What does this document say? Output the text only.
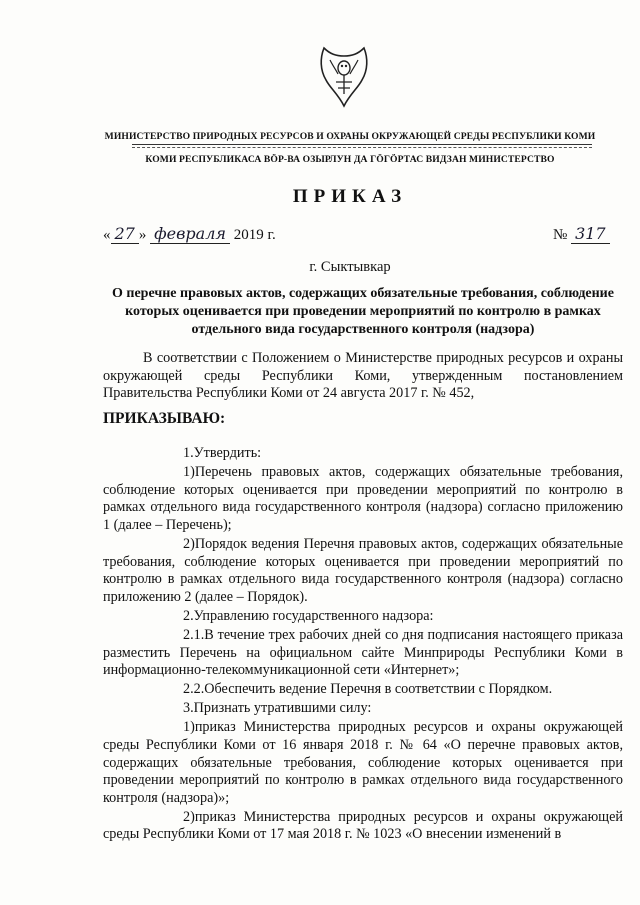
МИНИСТЕРСТВО ПРИРОДНЫХ РЕСУРСОВ И ОХРАНЫ ОКРУЖАЮЩЕЙ СРЕДЫ РЕСПУБЛИКИ КОМИ
КОМИ РЕСПУБЛИКАСА ВӦР-ВА ОЗЫРЛУН ДА ГӦГӦРТАС ВИДЗАН МИНИСТЕРСТВО
ПРИКАЗ
« 27 » февраля 2019 г.	№ 317
г. Сыктывкар
О перечне правовых актов, содержащих обязательные требования, соблюдение которых оценивается при проведении мероприятий по контролю в рамках отдельного вида государственного контроля (надзора)

В соответствии с Положением о Министерстве природных ресурсов и охраны окружающей среды Республики Коми, утвержденным постановлением Правительства Республики Коми от 24 августа 2017 г. № 452,

ПРИКАЗЫВАЮ:

1.Утвердить:

1)Перечень правовых актов, содержащих обязательные требования, соблюдение которых оценивается при проведении мероприятий по контролю в рамках отдельного вида государственного контроля (надзора) согласно приложению 1 (далее – Перечень);

2)Порядок ведения Перечня правовых актов, содержащих обязательные требования, соблюдение которых оценивается при проведении мероприятий по контролю в рамках отдельного вида государственного контроля (надзора) согласно приложению 2 (далее – Порядок).

2.Управлению государственного надзора:

2.1.В течение трех рабочих дней со дня подписания настоящего приказа разместить Перечень на официальном сайте Минприроды Республики Коми в информационно-телекоммуникационной сети «Интернет»;

2.2.Обеспечить ведение Перечня в соответствии с Порядком.

3.Признать утратившими силу:

1)приказ Министерства природных ресурсов и охраны окружающей среды Республики Коми от 16 января 2018 г. № 64 «О перечне правовых актов, содержащих обязательные требования, соблюдение которых оценивается при проведении мероприятий по контролю в рамках отдельного вида государственного контроля (надзора)»;

2)приказ Министерства природных ресурсов и охраны окружающей среды Республики Коми от 17 мая 2018 г. № 1023 «О внесении изменений в
